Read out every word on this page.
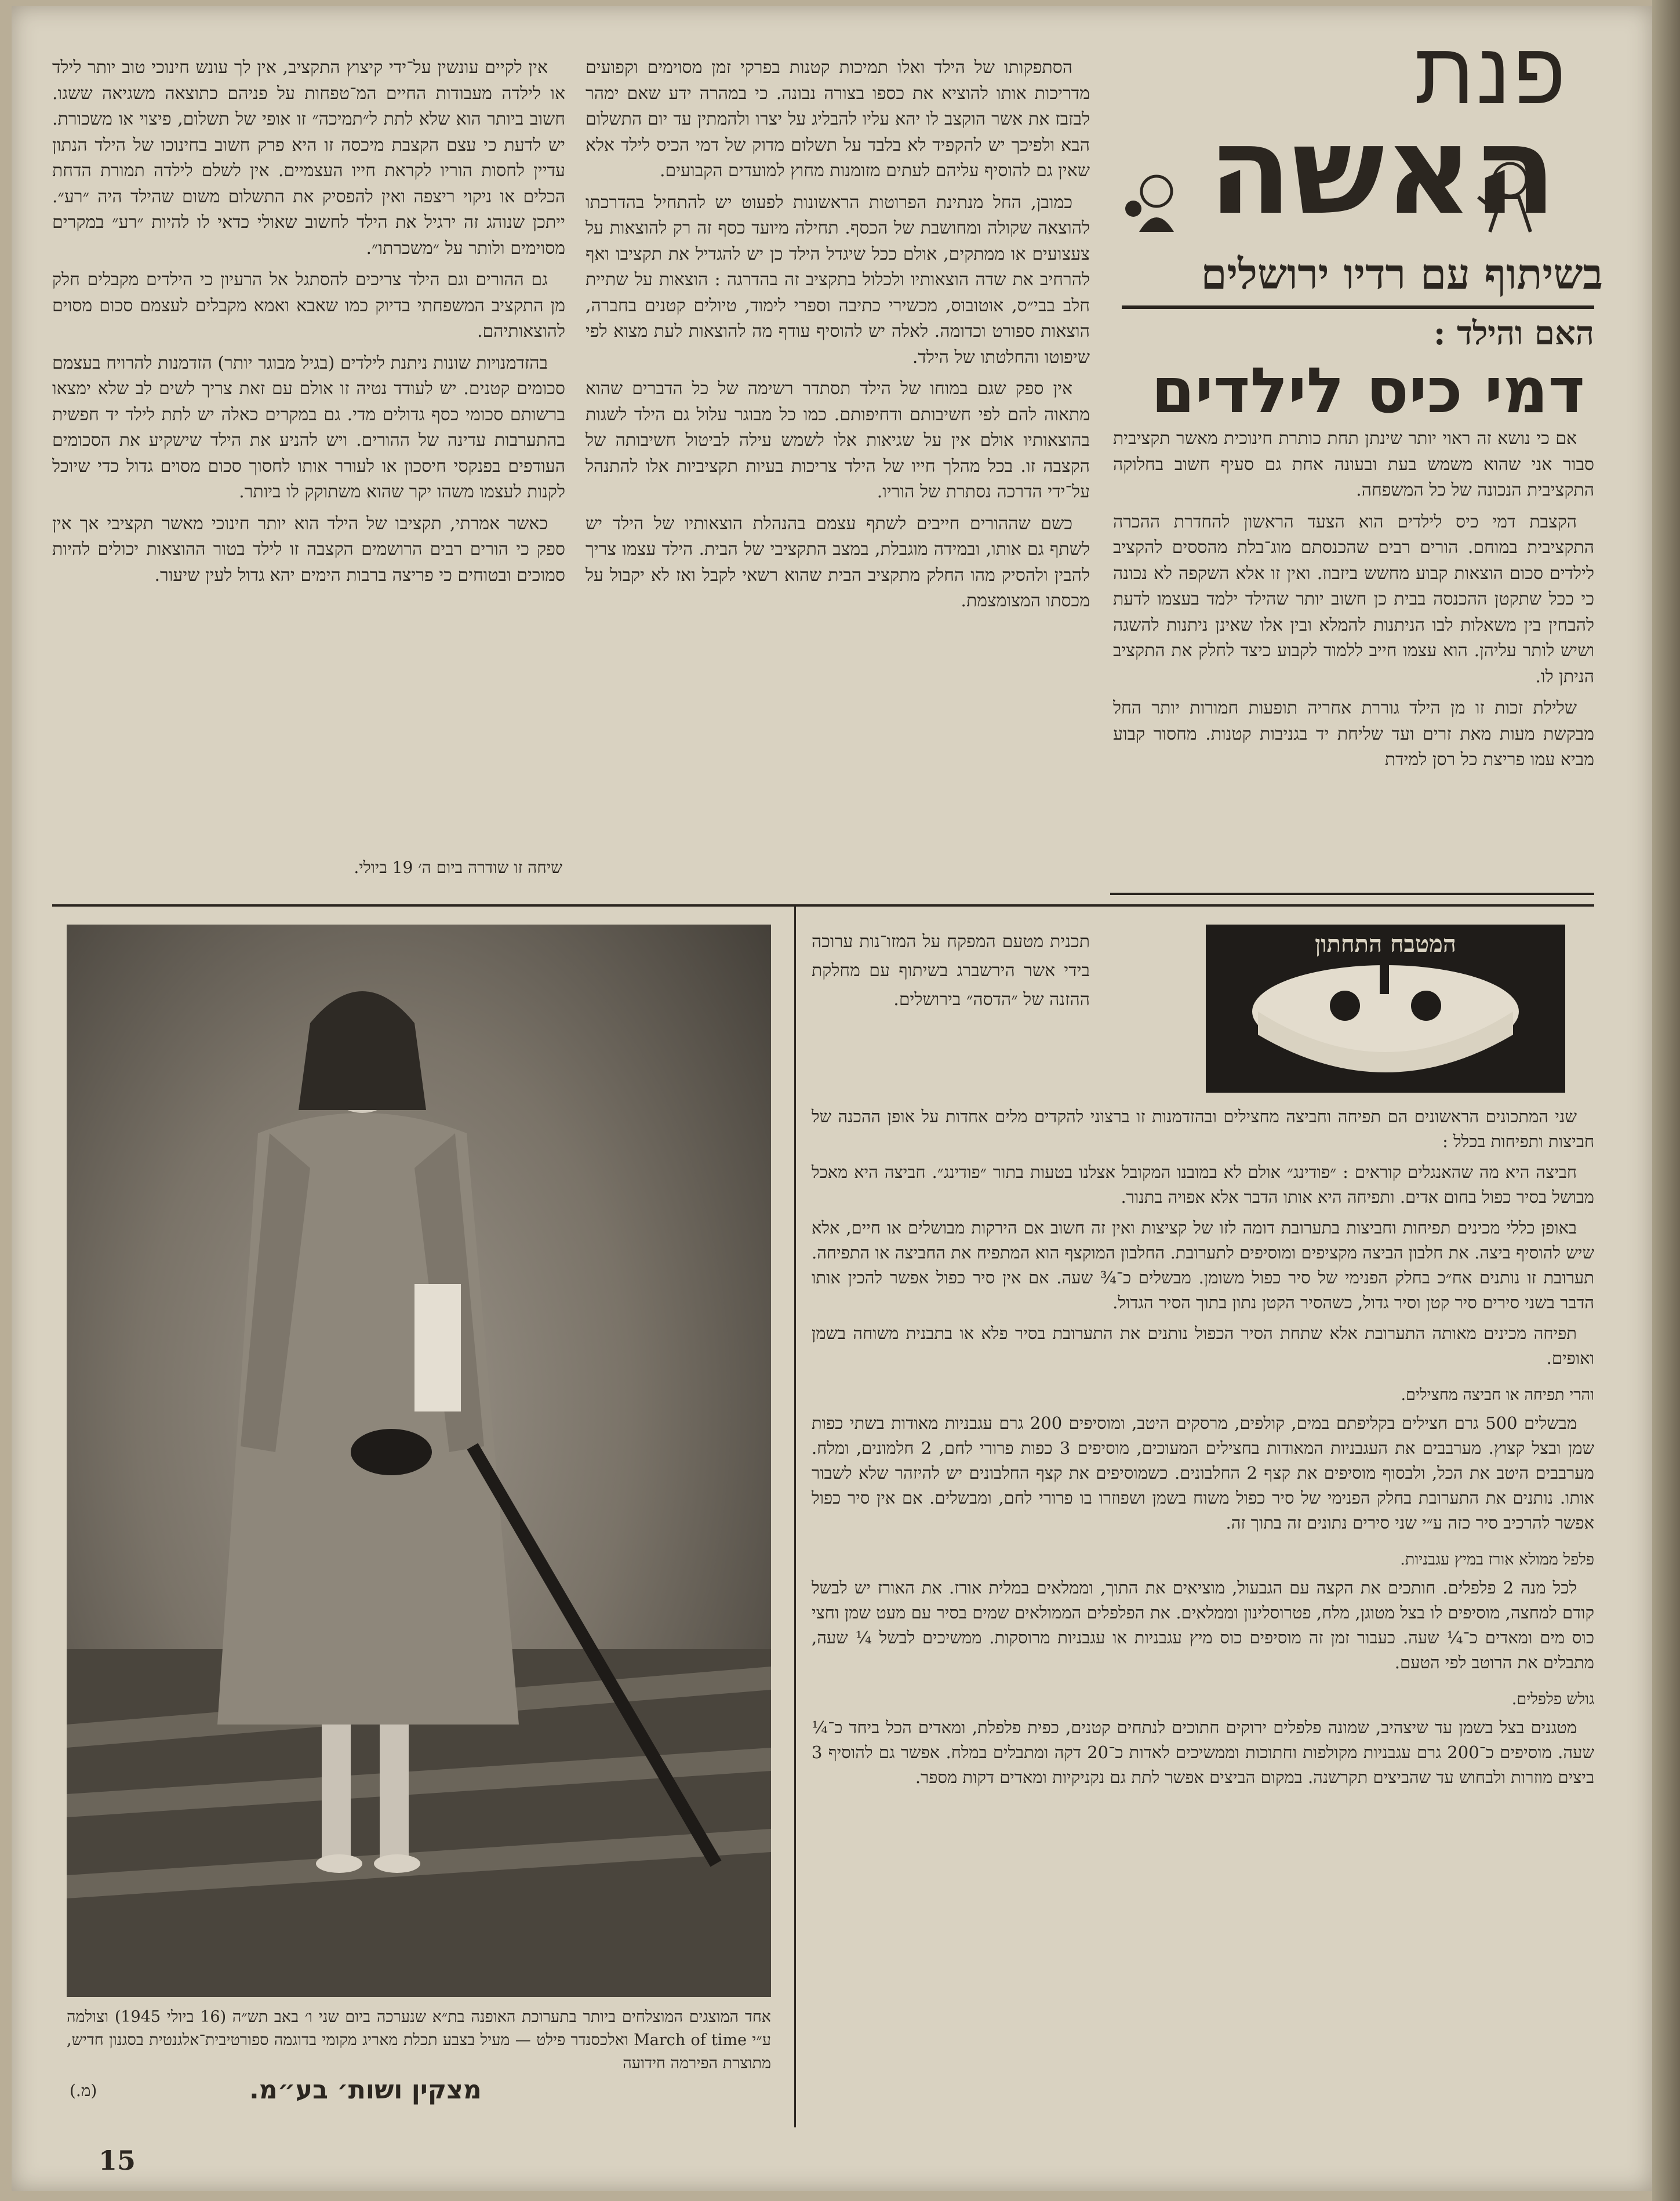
פנת
האשה
בשיתוף עם רדיו ירושלים
האם והילד :
דמי כיס לילדים

אם כי נושא זה ראוי יותר שינתן תחת כותרת חינוכית מאשר תקציבית סבור אני שהוא משמש בעת ובעונה אחת גם סעיף חשוב בחלוקה התקציבית הנכונה של כל המשפחה.

הקצבת דמי כיס לילדים הוא הצעד הראשון להחדרת ההכרה התקציבית במוחם. הורים רבים שהכנסתם מוג־בלת מהססים להקציב לילדים סכום הוצאות קבוע מחשש ביזבוז. ואין זו אלא השקפה לא נכונה כי ככל שתקטן ההכנסה בבית כן חשוב יותר שהילד ילמד בעצמו לדעת להבחין בין משאלות לבו הניתנות להמלא ובין אלו שאינן ניתנות להשגה ושיש לותר עליהן. הוא עצמו חייב ללמוד לקבוע כיצד לחלק את התקציב הניתן לו.

שלילת זכות זו מן הילד גוררת אחריה תופעות חמורות יותר החל מבקשת מעות מאת זרים ועד שליחת יד בגניבות קטנות. מחסור קבוע מביא עמו פריצת כל רסן למידת

הסתפקותו של הילד ואלו תמיכות קטנות בפרקי זמן מסוימים וקפועים מדריכות אותו להוציא את כספו בצורה נבונה. כי במהרה ידע שאם ימהר לבזבז את אשר הוקצב לו יהא עליו להבליג על יצרו ולהמתין עד יום התשלום הבא ולפיכך יש להקפיד לא בלבד על תשלום מדוק של דמי הכיס לילד אלא שאין גם להוסיף עליהם לעתים מזומנות מחוץ למועדים הקבועים.

כמובן, החל מנתינת הפרוטות הראשונות לפעוט יש להתחיל בהדרכתו להוצאה שקולה ומחושבת של הכסף. תחילה מיועד כסף זה רק להוצאות על צעצועים או ממתקים, אולם ככל שיגדל הילד כן יש להגדיל את תקציבו ואף להרחיב את שדה הוצאותיו ולכלול בתקציב זה בהדרגה : הוצאות על שתיית חלב בבי״ס, אוטובוס, מכשירי כתיבה וספרי לימוד, טיולים קטנים בחברה, הוצאות ספורט וכדומה. לאלה יש להוסיף עודף מה להוצאות לעת מצוא לפי שיפוטו והחלטתו של הילד.

אין ספק שגם במוחו של הילד תסתדר רשימה של כל הדברים שהוא מתאוה להם לפי חשיבותם ודחיפותם. כמו כל מבוגר עלול גם הילד לשגות בהוצאותיו אולם אין על שגיאות אלו לשמש עילה לביטול חשיבותה של הקצבה זו. בכל מהלך חייו של הילד צריכות בעיות תקציביות אלו להתנהל על־ידי הדרכה נסתרת של הוריו.

כשם שההורים חייבים לשתף עצמם בהנהלת הוצאותיו של הילד יש לשתף גם אותו, ובמידה מוגבלת, במצב התקציבי של הבית. הילד עצמו צריך להבין ולהסיק מהו החלק מתקציב הבית שהוא רשאי לקבל ואז לא יקבול על מכסתו המצומצמת.

אין לקיים עונשין על־ידי קיצוץ התקציב, אין לך עונש חינוכי טוב יותר לילד או לילדה מעבודות החיים המ־טפחות על פניהם כתוצאה משגיאה ששגו. חשוב ביותר הוא שלא לתת ל״תמיכה״ זו אופי של תשלום, פיצוי או משכורת. יש לדעת כי עצם הקצבת מיכסה זו היא פרק חשוב בחינוכו של הילד הנתון עדיין לחסות הוריו לקראת חייו העצמיים. אין לשלם לילדה תמורת הדחת הכלים או ניקוי ריצפה ואין להפסיק את התשלום משום שהילד היה ״רע״. ייתכן שנוהג זה ירגיל את הילד לחשוב שאולי כדאי לו להיות ״רע״ במקרים מסוימים ולותר על ״משכרתו״.

גם ההורים וגם הילד צריכים להסתגל אל הרעיון כי הילדים מקבלים חלק מן התקציב המשפחתי בדיוק כמו שאבא ואמא מקבלים לעצמם סכום מסוים להוצאותיהם.

בהזדמנויות שונות ניתנת לילדים (בגיל מבוגר יותר) הזדמנות להרויח בעצמם סכומים קטנים. יש לעודד נטיה זו אולם עם זאת צריך לשים לב שלא ימצאו ברשותם סכומי כסף גדולים מדי. גם במקרים כאלה יש לתת לילד יד חפשית בהתערבות עדינה של ההורים. ויש להניע את הילד שישקיע את הסכומים העודפים בפנקסי חיסכון או לעורר אותו לחסוך סכום מסוים גדול כדי שיוכל לקנות לעצמו משהו יקר שהוא משתוקק לו ביותר.

כאשר אמרתי, תקציבו של הילד הוא יותר חינוכי מאשר תקציבי אך אין ספק כי הורים רבים הרושמים הקצבה זו לילד בטור ההוצאות יכולים להיות סמוכים ובטוחים כי פריצה ברבות הימים יהא גדול לעין שיעור.

שיחה זו שודרה ביום ה׳ 19 ביולי.
אחד המוצגים המוצלחים ביותר בתערוכת האופנה בת״א שנערכה ביום שני ו׳ באב תש״ה (16 ביולי 1945) וצולמה ע״י March of time ואלכסנדר פילט — מעיל בצבע תכלת מאריג מקומי בדוגמה ספורטיבית־אלגנטית בסגנון חדיש, מתוצרת הפירמה חידועה
מצקין ושות׳ בע״מ.
(מ.)

תכנית מטעם המפקח על המזו־נות ערוכה בידי אשר הירשברג בשיתוף עם מחלקת ההזנה של ״הדסה״ בירושלים.

המטבח התחתון

שני המתכונים הראשונים הם תפיחה וחביצה מחצילים ובהזדמנות זו ברצוני להקדים מלים אחדות על אופן ההכנה של חביצות ותפיחות בכלל :

חביצה היא מה שהאנגלים קוראים : ״פודינג״ אולם לא במובנו המקובל אצלנו בטעות בתור ״פודינג״. חביצה היא מאכל מבושל בסיר כפול בחום אדים. ותפיחה היא אותו הדבר אלא אפויה בתנור.

באופן כללי מכינים תפיחות וחביצות בתערובת דומה לזו של קציצות ואין זה חשוב אם הירקות מבושלים או חיים, אלא שיש להוסיף ביצה. את חלבון הביצה מקציפים ומוסיפים לתערובת. החלבון המוקצף הוא המתפיח את החביצה או התפיחה. תערובת זו נותנים אח״כ בחלק הפנימי של סיר כפול משומן. מבשלים כ־¾ שעה. אם אין סיר כפול אפשר להכין אותו הדבר בשני סירים סיר קטן וסיר גדול, כשהסיר הקטן נתון בתוך הסיר הגדול.

תפיחה מכינים מאותה התערובת אלא שתחת הסיר הכפול נותנים את התערובת בסיר פלא או בתבנית משוחה בשמן ואופים.

והרי תפיחה או חביצה מחצילים.

מבשלים 500 גרם חצילים בקליפתם במים, קולפים, מרסקים היטב, ומוסיפים 200 גרם עגבניות מאודות בשתי כפות שמן ובצל קצוץ. מערבבים את העגבניות המאודות בחצילים המעוכים, מוסיפים 3 כפות פרורי לחם, 2 חלמונים, ומלח. מערבבים היטב את הכל, ולבסוף מוסיפים את קצף 2 החלבונים. כשמוסיפים את קצף החלבונים יש להיזהר שלא לשבור אותו. נותנים את התערובת בחלק הפנימי של סיר כפול משוח בשמן ושפוזרו בו פרורי לחם, ומבשלים. אם אין סיר כפול אפשר להרכיב סיר כזה ע״י שני סירים נתונים זה בתוך זה.

פלפל ממולא אורז במיץ עגבניות.

לכל מנה 2 פלפלים. חותכים את הקצה עם הגבעול, מוציאים את התוך, וממלאים במלית אורז. את האורז יש לבשל קודם למחצה, מוסיפים לו בצל מטוגן, מלח, פטרוסלינון וממלאים. את הפלפלים הממולאים שמים בסיר עם מעט שמן וחצי כוס מים ומאדים כ־¼ שעה. כעבור זמן זה מוסיפים כוס מיץ עגבניות או עגבניות מרוסקות. ממשיכים לבשל ¼ שעה, מתבלים את הרוטב לפי הטעם.

גולש פלפלים.

מטגנים בצל בשמן עד שיצהיב, שמונה פלפלים ירוקים חתוכים לנתחים קטנים, כפית פלפלת, ומאדים הכל ביחד כ־¼ שעה. מוסיפים כ־200 גרם עגבניות מקולפות וחתוכות וממשיכים לאדות כ־20 דקה ומתבלים במלח. אפשר גם להוסיף 3 ביצים מוזרות ולבחוש עד שהביצים תקרשנה. במקום הביצים אפשר לתת גם נקניקיות ומאדים דקות מספר.

15
